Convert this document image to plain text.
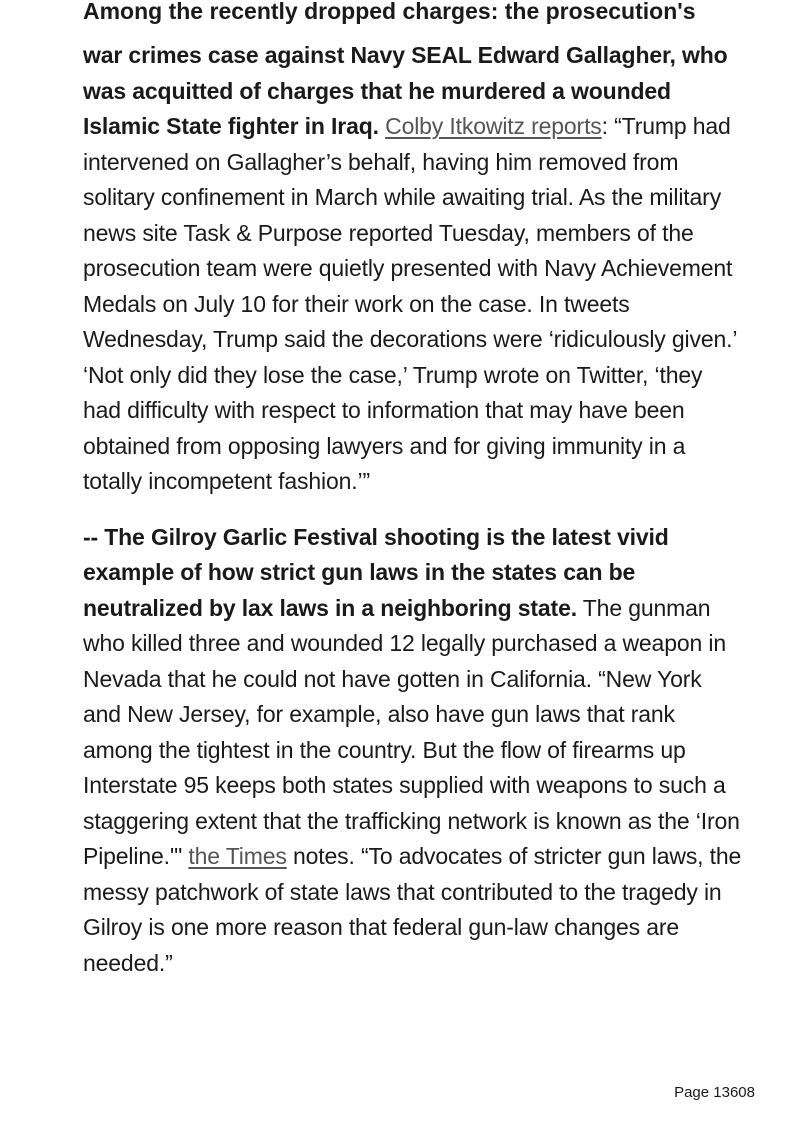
Among the recently dropped charges: the prosecution's

war crimes case against Navy SEAL Edward Gallagher, who was acquitted of charges that he murdered a wounded Islamic State fighter in Iraq. Colby Itkowitz reports: “Trump had intervened on Gallagher’s behalf, having him removed from solitary confinement in March while awaiting trial. As the military news site Task & Purpose reported Tuesday, members of the prosecution team were quietly presented with Navy Achievement Medals on July 10 for their work on the case. In tweets Wednesday, Trump said the decorations were ‘ridiculously given.’ ‘Not only did they lose the case,’ Trump wrote on Twitter, ‘they had difficulty with respect to information that may have been obtained from opposing lawyers and for giving immunity in a totally incompetent fashion.’”

-- The Gilroy Garlic Festival shooting is the latest vivid example of how strict gun laws in the states can be neutralized by lax laws in a neighboring state. The gunman who killed three and wounded 12 legally purchased a weapon in Nevada that he could not have gotten in California. “New York and New Jersey, for example, also have gun laws that rank among the tightest in the country. But the flow of firearms up Interstate 95 keeps both states supplied with weapons to such a staggering extent that the trafficking network is known as the ‘Iron Pipeline.'" the Times notes. “To advocates of stricter gun laws, the messy patchwork of state laws that contributed to the tragedy in Gilroy is one more reason that federal gun-law changes are needed.”

Page 13608
